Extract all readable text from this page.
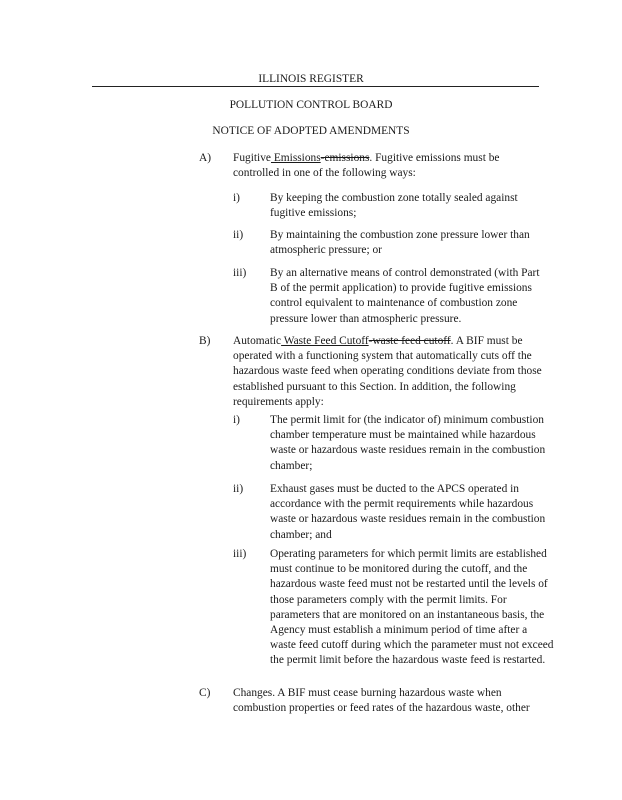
ILLINOIS REGISTER
POLLUTION CONTROL BOARD
NOTICE OF ADOPTED AMENDMENTS
A) Fugitive Emissions-emissions. Fugitive emissions must be controlled in one of the following ways:
i)	By keeping the combustion zone totally sealed against fugitive emissions;
ii) By maintaining the combustion zone pressure lower than atmospheric pressure; or
iii) By an alternative means of control demonstrated (with Part B of the permit application) to provide fugitive emissions control equivalent to maintenance of combustion zone pressure lower than atmospheric pressure.
B) Automatic Waste Feed Cutoff-waste feed cutoff. A BIF must be operated with a functioning system that automatically cuts off the hazardous waste feed when operating conditions deviate from those established pursuant to this Section. In addition, the following requirements apply:
i)	The permit limit for (the indicator of) minimum combustion chamber temperature must be maintained while hazardous waste or hazardous waste residues remain in the combustion chamber;
ii) Exhaust gases must be ducted to the APCS operated in accordance with the permit requirements while hazardous waste or hazardous waste residues remain in the combustion chamber; and
iii) Operating parameters for which permit limits are established must continue to be monitored during the cutoff, and the hazardous waste feed must not be restarted until the levels of those parameters comply with the permit limits. For parameters that are monitored on an instantaneous basis, the Agency must establish a minimum period of time after a waste feed cutoff during which the parameter must not exceed the permit limit before the hazardous waste feed is restarted.
C) Changes. A BIF must cease burning hazardous waste when combustion properties or feed rates of the hazardous waste, other
